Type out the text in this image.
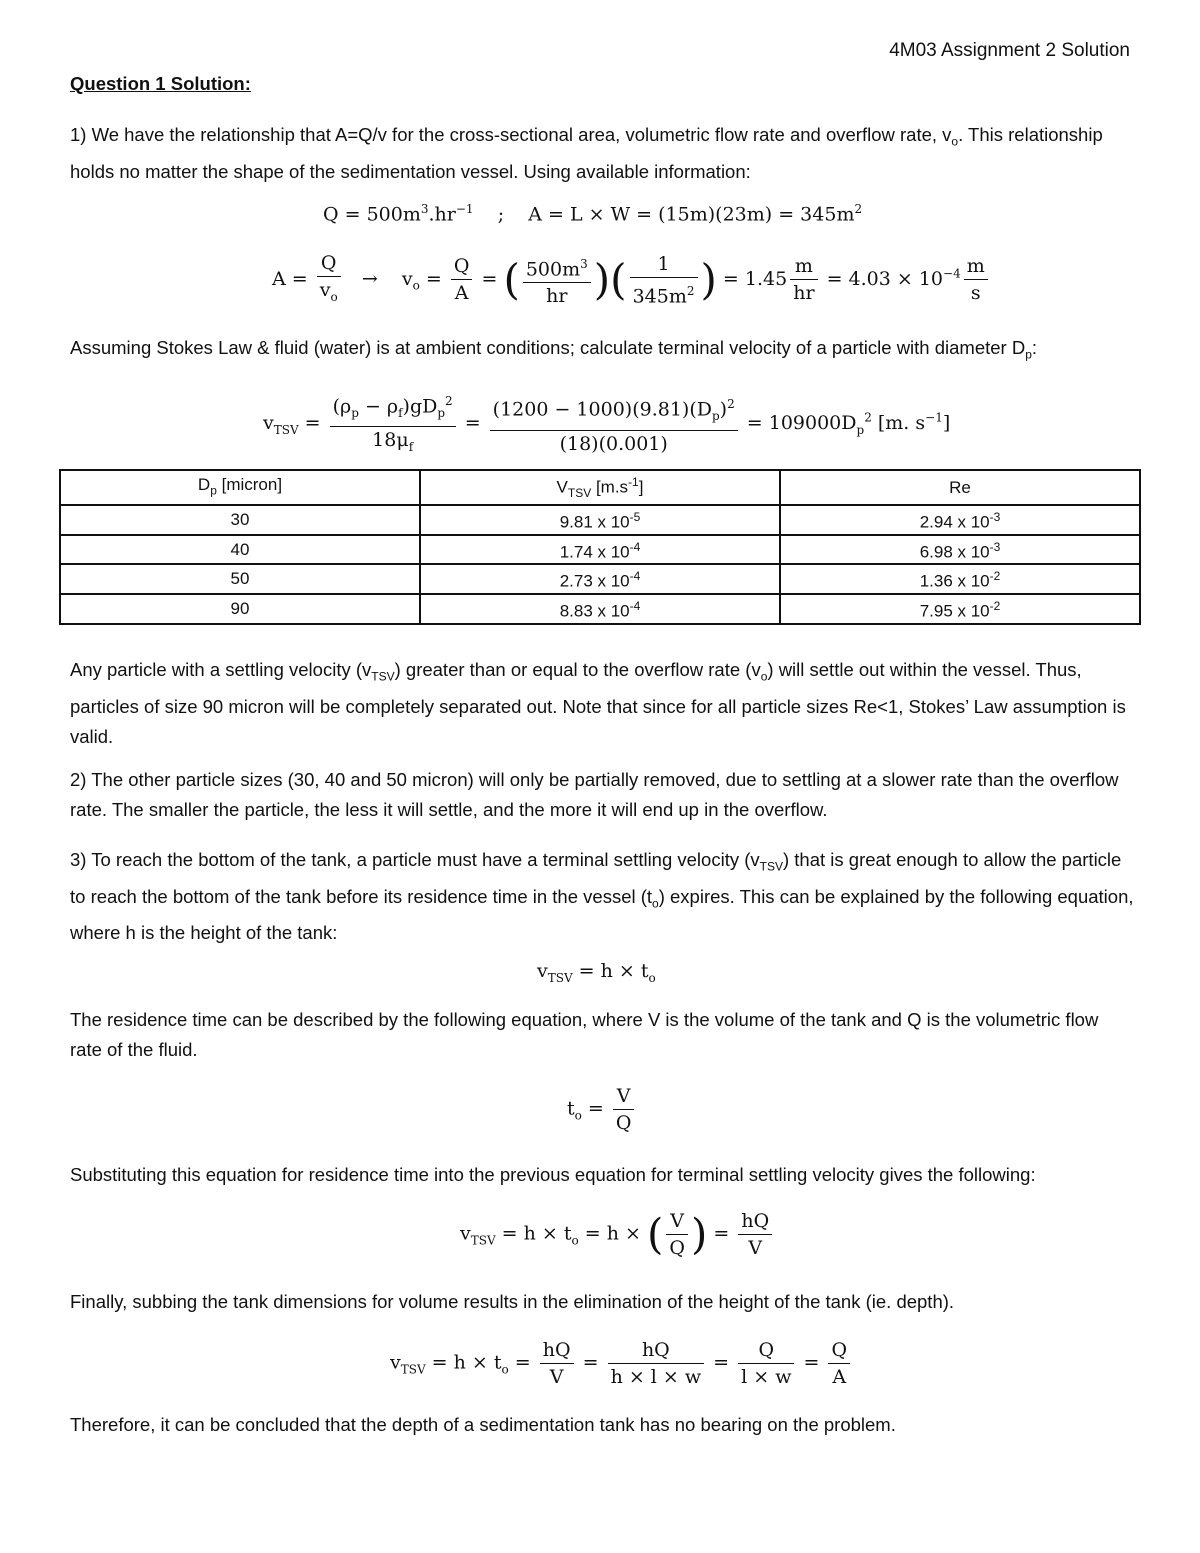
4M03 Assignment 2 Solution
Question 1 Solution:
1) We have the relationship that A=Q/v for the cross-sectional area, volumetric flow rate and overflow rate, $v_o$. This relationship holds no matter the shape of the sedimentation vessel. Using available information:
$Q = 500m^3.hr^{-1}$    ;    $A = L \times W = (15m)(23m) = 345m^2$
$A = \frac{Q}{v_o}$ →    $v_o = \frac{Q}{A}$ = ( $\frac{500m^3}{hr}$ )( $\frac{1}{345m^2}$ ) = $1.45 \frac{m}{hr} = 4.03 \times 10^{-4} \frac{m}{s}$
Assuming Stokes Law & fluid (water) is at ambient conditions; calculate terminal velocity of a particle with diameter $D_p$:
$v_{TSV} = \frac{(\rho_p - \rho_f)gD_p^2}{18\mu_f} = \frac{(1200 - 1000)(9.81)(D_p)^2}{(18)(0.001)} = 109000D_p^2$ [m. $s^{-1}$]
$D_p$ [micron]	$V_{TSV}$ $[m.s^{-1}]$	Re
30	9.81 x $10^{-5}$	2.94 x $10^{-3}$
40	1.74 x $10^{-4}$	6.98 x $10^{-3}$
50	2.73 x $10^{-4}$	1.36 x $10^{-2}$
90	8.83 x $10^{-4}$	7.95 x $10^{-2}$
Any particle with a settling velocity $(v_{TSV})$ greater than or equal to the overflow rate $(v_o)$ will settle out within the vessel. Thus, particles of size 90 micron will be completely separated out. Note that since for all particle sizes Re<1, Stokes’ Law assumption is valid.
2) The other particle sizes (30, 40 and 50 micron) will only be partially removed, due to settling at a slower rate than the overflow rate. The smaller the particle, the less it will settle, and the more it will end up in the overflow.
3) To reach the bottom of the tank, a particle must have a terminal settling velocity $(v_{TSV})$ that is great enough to allow the particle to reach the bottom of the tank before its residence time in the vessel $(t_o)$ expires. This can be explained by the following equation, where h is the height of the tank:
$v_{TSV} = h \times t_o$
The residence time can be described by the following equation, where V is the volume of the tank and Q is the volumetric flow rate of the fluid.
$t_o = \frac{V}{Q}$
Substituting this equation for residence time into the previous equation for terminal settling velocity gives the following:
$v_{TSV} = h \times t_o = h$ × ( $\frac{V}{Q}$ ) = $\frac{hQ}{V}$
Finally, subbing the tank dimensions for volume results in the elimination of the height of the tank (ie. depth).
$v_{TSV} = h \times t_o = \frac{hQ}{V} = \frac{hQ}{h \times l \times w} = \frac{Q}{l \times w} = \frac{Q}{A}$
Therefore, it can be concluded that the depth of a sedimentation tank has no bearing on the problem.
